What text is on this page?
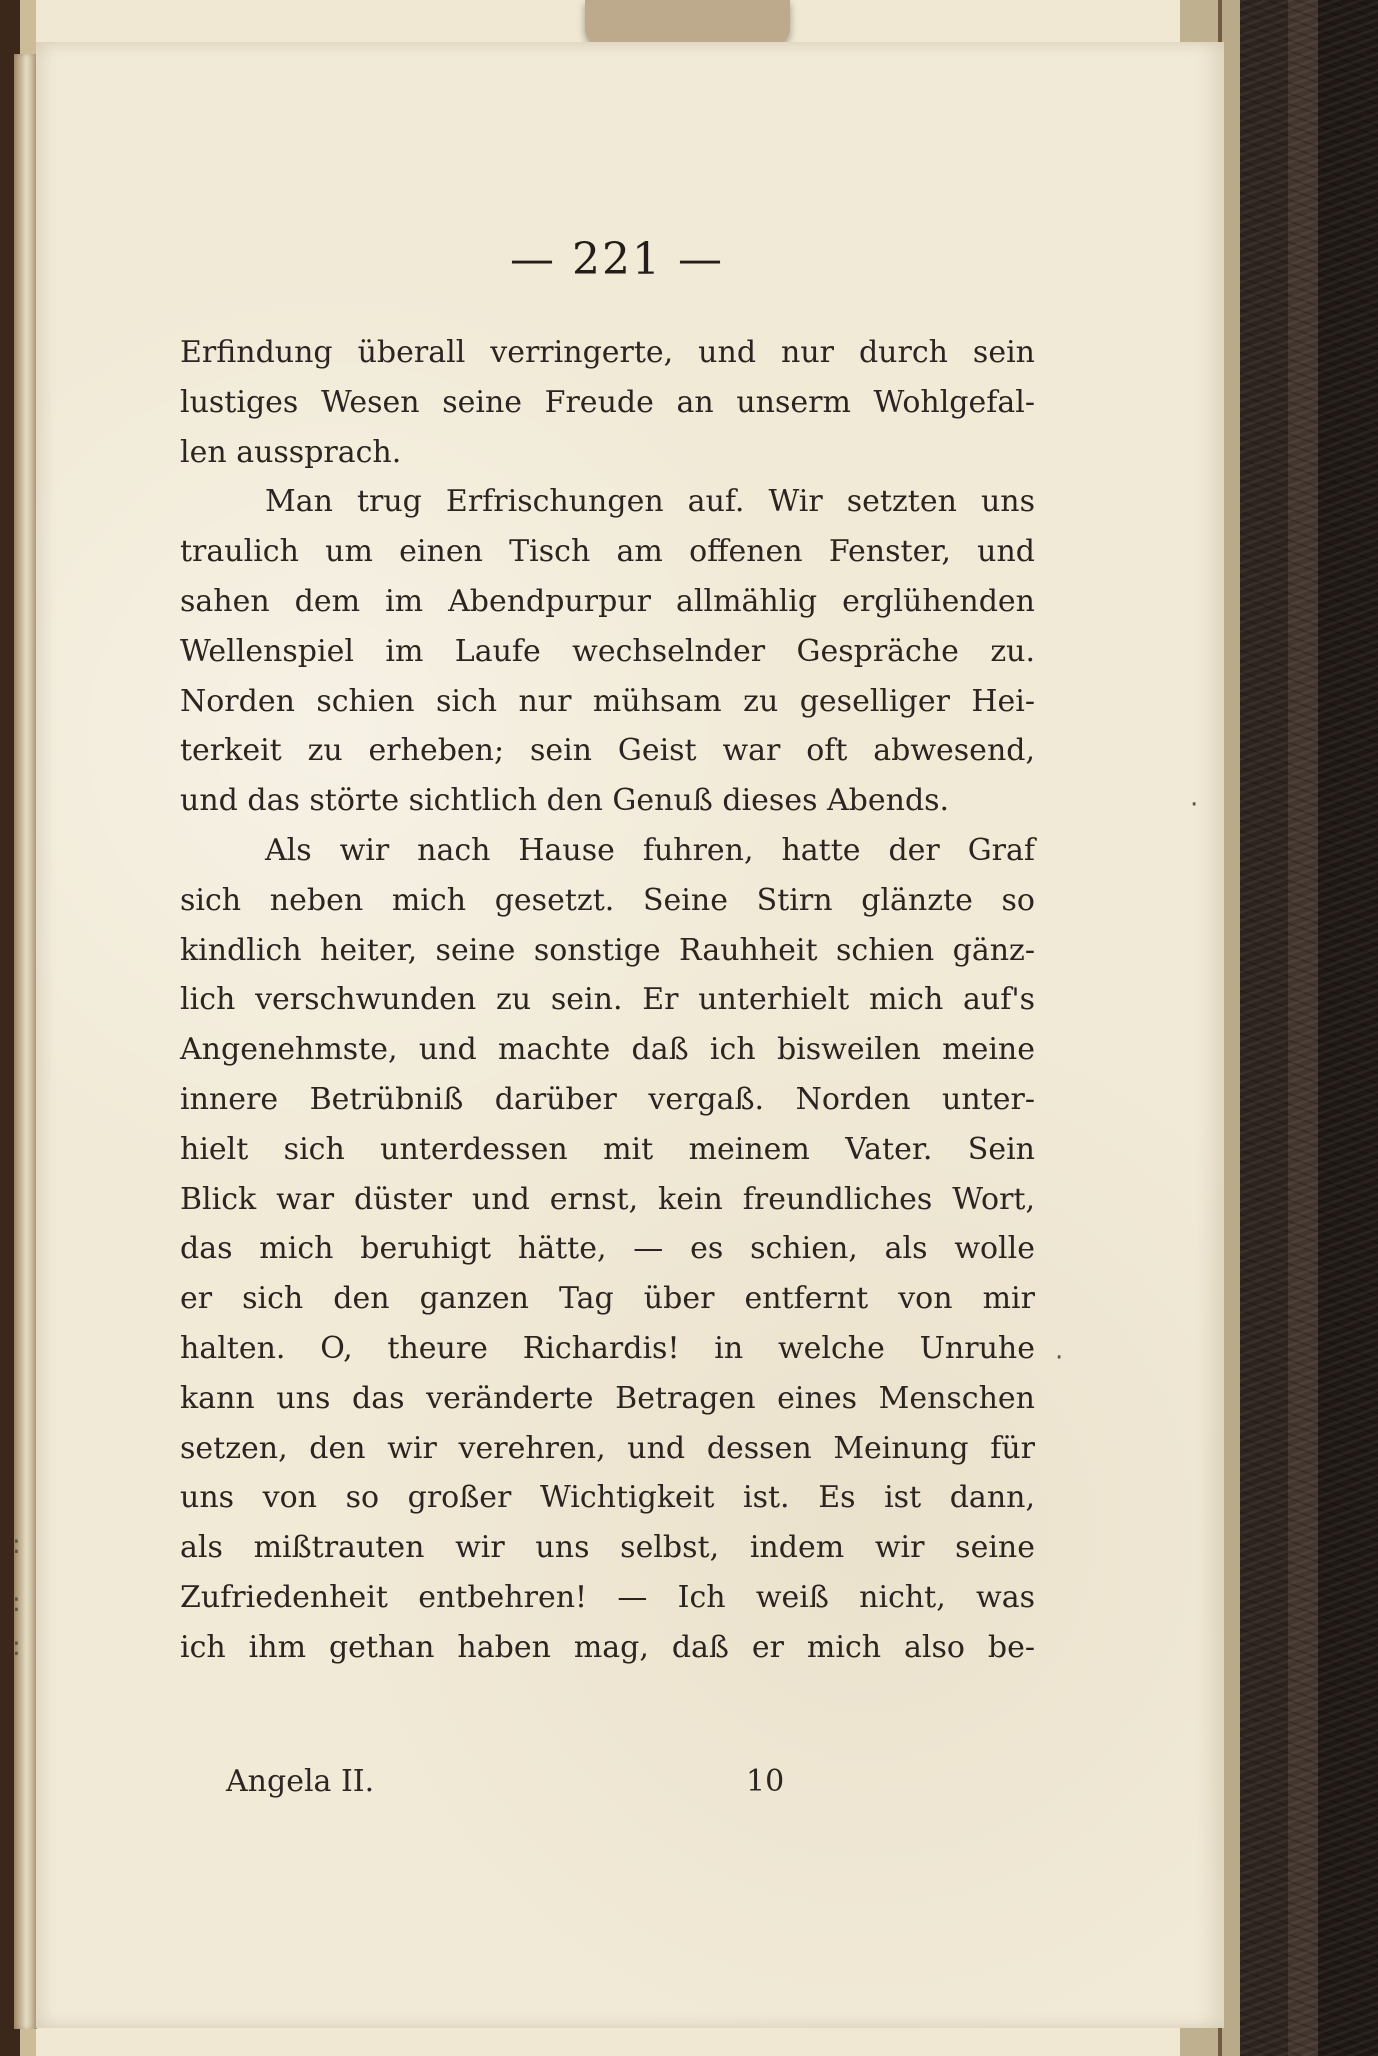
— 221 —
Erfindung überall verringerte, und nur durch sein
lustiges Wesen seine Freude an unserm Wohlgefal-
len aussprach.
Man trug Erfrischungen auf. Wir setzten uns
traulich um einen Tisch am offenen Fenster, und
sahen dem im Abendpurpur allmählig erglühenden
Wellenspiel im Laufe wechselnder Gespräche zu.
Norden schien sich nur mühsam zu geselliger Hei-
terkeit zu erheben; sein Geist war oft abwesend,
und das störte sichtlich den Genuß dieses Abends.
Als wir nach Hause fuhren, hatte der Graf
sich neben mich gesetzt. Seine Stirn glänzte so
kindlich heiter, seine sonstige Rauhheit schien gänz-
lich verschwunden zu sein. Er unterhielt mich auf's
Angenehmste, und machte daß ich bisweilen meine
innere Betrübniß darüber vergaß. Norden unter-
hielt sich unterdessen mit meinem Vater. Sein
Blick war düster und ernst, kein freundliches Wort,
das mich beruhigt hätte, — es schien, als wolle
er sich den ganzen Tag über entfernt von mir
halten. O, theure Richardis! in welche Unruhe
kann uns das veränderte Betragen eines Menschen
setzen, den wir verehren, und dessen Meinung für
uns von so großer Wichtigkeit ist. Es ist dann,
als mißtrauten wir uns selbst, indem wir seine
Zufriedenheit entbehren! — Ich weiß nicht, was
ich ihm gethan haben mag, daß er mich also be-
Angela II.	10
·
·
:
:
:
